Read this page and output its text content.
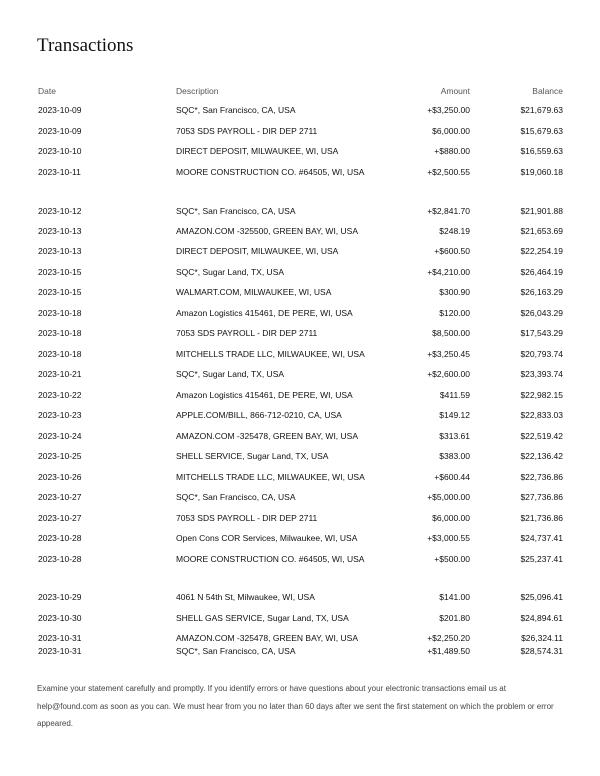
Transactions
Date	Description	Amount	Balance
2023-10-09	SQC*, San Francisco, CA, USA	+$3,250.00	$21,679.63
2023-10-09	7053 SDS PAYROLL - DIR DEP 2711	$6,000.00	$15,679.63
2023-10-10	DIRECT DEPOSIT, MILWAUKEE, WI, USA	+$880.00	$16,559.63
2023-10-11	MOORE CONSTRUCTION CO. #64505, WI, USA	+$2,500.55	$19,060.18
2023-10-12	SQC*, San Francisco, CA, USA	+$2,841.70	$21,901.88
2023-10-13	AMAZON.COM -325500, GREEN BAY, WI, USA	$248.19	$21,653.69
2023-10-13	DIRECT DEPOSIT, MILWAUKEE, WI, USA	+$600.50	$22,254.19
2023-10-15	SQC*, Sugar Land, TX, USA	+$4,210.00	$26,464.19
2023-10-15	WALMART.COM, MILWAUKEE, WI, USA	$300.90	$26,163.29
2023-10-18	Amazon Logistics 415461, DE PERE, WI, USA	$120.00	$26,043.29
2023-10-18	7053 SDS PAYROLL - DIR DEP 2711	$8,500.00	$17,543.29
2023-10-18	MITCHELLS TRADE LLC, MILWAUKEE, WI, USA	+$3,250.45	$20,793.74
2023-10-21	SQC*, Sugar Land, TX, USA	+$2,600.00	$23,393.74
2023-10-22	Amazon Logistics 415461, DE PERE, WI, USA	$411.59	$22,982.15
2023-10-23	APPLE.COM/BILL, 866-712-0210, CA, USA	$149.12	$22,833.03
2023-10-24	AMAZON.COM -325478, GREEN BAY, WI, USA	$313.61	$22,519.42
2023-10-25	SHELL SERVICE, Sugar Land, TX, USA	$383.00	$22,136.42
2023-10-26	MITCHELLS TRADE LLC, MILWAUKEE, WI, USA	+$600.44	$22,736.86
2023-10-27	SQC*, San Francisco, CA, USA	+$5,000.00	$27,736.86
2023-10-27	7053 SDS PAYROLL - DIR DEP 2711	$6,000.00	$21,736.86
2023-10-28	Open Cons COR Services, Milwaukee, WI, USA	+$3,000.55	$24,737.41
2023-10-28	MOORE CONSTRUCTION CO. #64505, WI, USA	+$500.00	$25,237.41
2023-10-29	4061 N 54th St, Milwaukee, WI, USA	$141.00	$25,096.41
2023-10-30	SHELL GAS SERVICE, Sugar Land, TX, USA	$201.80	$24,894.61
2023-10-31	AMAZON.COM -325478, GREEN BAY, WI, USA	+$2,250.20	$26,324.11
2023-10-31	SQC*, San Francisco, CA, USA	+$1,489.50	$28,574.31

Examine your statement carefully and promptly. If you identify errors or have questions about your electronic transactions email us at help@found.com as soon as you can. We must hear from you no later than 60 days after we sent the first statement on which the problem or error appeared.
